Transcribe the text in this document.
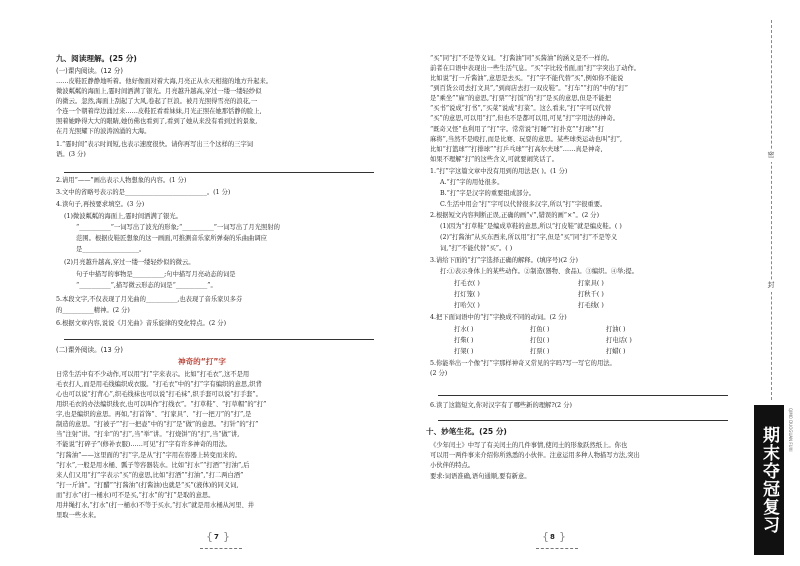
九、阅读理解。(25 分)
(一)课内阅读。(12 分)
……皮鞋匠静静地听着。他好像面对着大海,月亮正从水天相接的地方升起来。
微波粼粼的海面上,霎时间洒满了银光。月亮越升越高,穿过一缕一缕轻纱似
的微云。忽然,海面上刮起了大风,卷起了巨浪。被月光照得雪亮的浪花,一
个连一个朝着岸边涌过来……皮鞋匠看看妹妹,月光正照在她那恬静的脸上,
照着她睁得大大的眼睛,她仿佛也看到了,看到了她从来没有看到过的景象,
在月光照耀下的波涛汹涌的大海。
1.“霎时间”表示时间短,也表示速度很快。请你再写出三个这样的三字词
语。(3 分)
2.请用“——”画出表示人物想象的内容。(1 分)
3.文中的省略号表示的是__________________________。(1 分)
4.读句子,再按要求填空。(3 分)
(1)微波粼粼的海面上,霎时间洒满了银光。
“__________”一词写出了波光的形象;“__________”一词写出了月光照射的
范围。根据皮鞋匠想象的这一画面,可推测音乐家所弹奏的乐曲曲调应
是__________________。
(2)月亮越升越高,穿过一缕一缕轻纱似的微云。
句子中描写的事物是__________;句中描写月亮动态的词是
“__________”,描写微云形态的词是“__________”。
5.本段文字,不仅表现了月光曲的__________,也表现了音乐家贝多芬
的__________精神。(2 分)
6.根据文章内容,说说《月光曲》音乐旋律的变化特点。(2 分)
(二)课外阅读。(13 分)
神奇的“打”字
日常生活中有不少动作,可以用“打”字来表示。比如“打毛衣”,这不是用
毛衣打人,而是用毛线编织成衣服。“打毛衣”中的“打”字有编织的意思,织背
心也可以说“打背心”,织毛线袜也可以说“打毛袜”,织手套可以说“打手套”。
用织毛衣的办法编织线衣,也可以叫作“打线衣”。“打草鞋”、“打草帽”的“打”
字,也是编织的意思。再如,“打首饰”、“打家具”、“打一把刀”的“打”,是
制造的意思。“打被子”“打一把壶”中的“打”是“做”的意思。“打针”的“打”
当“注射”讲。“打伞”的“打”,当“举”讲。“打烧饼”的“打”,当“做”讲,
不能说“打碎子”(修补衣服)……可见“打”字有许多神奇的用法。
“打酱油”——这里面的“打”字,是从“打”字用在容器上转变而来的。
“打水”,一般是用水桶、瓢子等容器装水。比如“打水”“打酒”“打油”,后
来人们又用“打”字表示“买”的意思,比如“打酒”“打油”,“打二两白酒”
“打一斤油”。“打醋”“打酱油”(打酱油)也就是“买”(液体)的同义词,
而“打水”(打一桶水)可不是买,“打水”的“打”是取的意思。
用井绳打水,“打水”(打一桶水)不等于买水,“打水”就是用水桶从河里、井
里取一些水来。
{ 7 }
“买”同“打”不是等义词。“打酱油”同“买酱油”的涵义是不一样的。
前者在口语中表现出一些生活气息。“买”字比较书面,而“打”字突出了动作。
比如说“打一斤酱油”,意思是去买。“打”字不能代替“买”,例如你不能说
“到百货公司去打文具”,“到商店去打一双皮鞋”。“打车”“打的”中的“打”
是“乘坐”“雇”的意思,“打票”“打饭”的“打”是买的意思,但是不能把
“买书”说成“打书”,“买菜”说成“打菜”。这么看来,“打”字可以代替
“买”的意思,可以用“打”,但也不是都可以用,可见“打”字用法的神奇。
“既奇又怪”也利用了“打”字。常常说“打睡”“打扑克”“打球”“打
麻将”,当然不是殴打,而是比赛、玩耍的意思。某些球类运动也叫“打”,
比如“打篮球”“打排球”“打乒乓球”“打高尔夫球”……真是神奇,
如果不理解“打”的这些含义,可就要闹笑话了。
1.“打”字这篇文章中没有用到的用法是( )。(1 分)
A.“打”字的用处很多。
B.“打”字是汉字的重要组成部分。
C.生活中用会“打”字可以代替很多汉字,所以“打”字很重要。
2.根据短文内容判断正误,正确的画“√”,错误的画“×”。(2 分)
(1)因为“打草鞋”是编成草鞋的意思,所以“打皮鞋”就是编皮鞋。( )
(2)“打酱油”从买东西来,所以用“打”字,但是“买”同“打”不是等义
词,“打”不能代替“买”。( )
3.请给下面的“打”字选择正确的解释。(填序号)(2 分)
打:①表示身体上的某些动作。②制造(器物、食品)。③编织。④举;提。
打毛衣( )	打家具( )
打灯笼( )	打秋千( )
打哈欠( )	打毛线( )
4.把下面词语中的“打”字换成不同的动词。(2 分)
打水( )	打鱼( )	打油( )
打柴( )	打包( )	打电话( )
打架( )	打票( )	打蜡( )
5.你能举出一个像“打”字那样神奇又常见的字吗?写一写它的用法。
(2 分)
6.读了这篇短文,你对汉字有了哪些新的理解?(2 分)
十、妙笔生花。(25 分)
《少年闰土》中写了有关闰土的几件事情,使闰土的形象跃然纸上。你也
可以用一两件事来介绍你所熟悉的小伙伴。注意运用多种人物描写方法,突出
小伙伴的特点。
要求:词语准确,语句通顺,要有新意。
{ 8 }
密
封
期末夺冠复习	QIMO DUOGUAN FUXI
